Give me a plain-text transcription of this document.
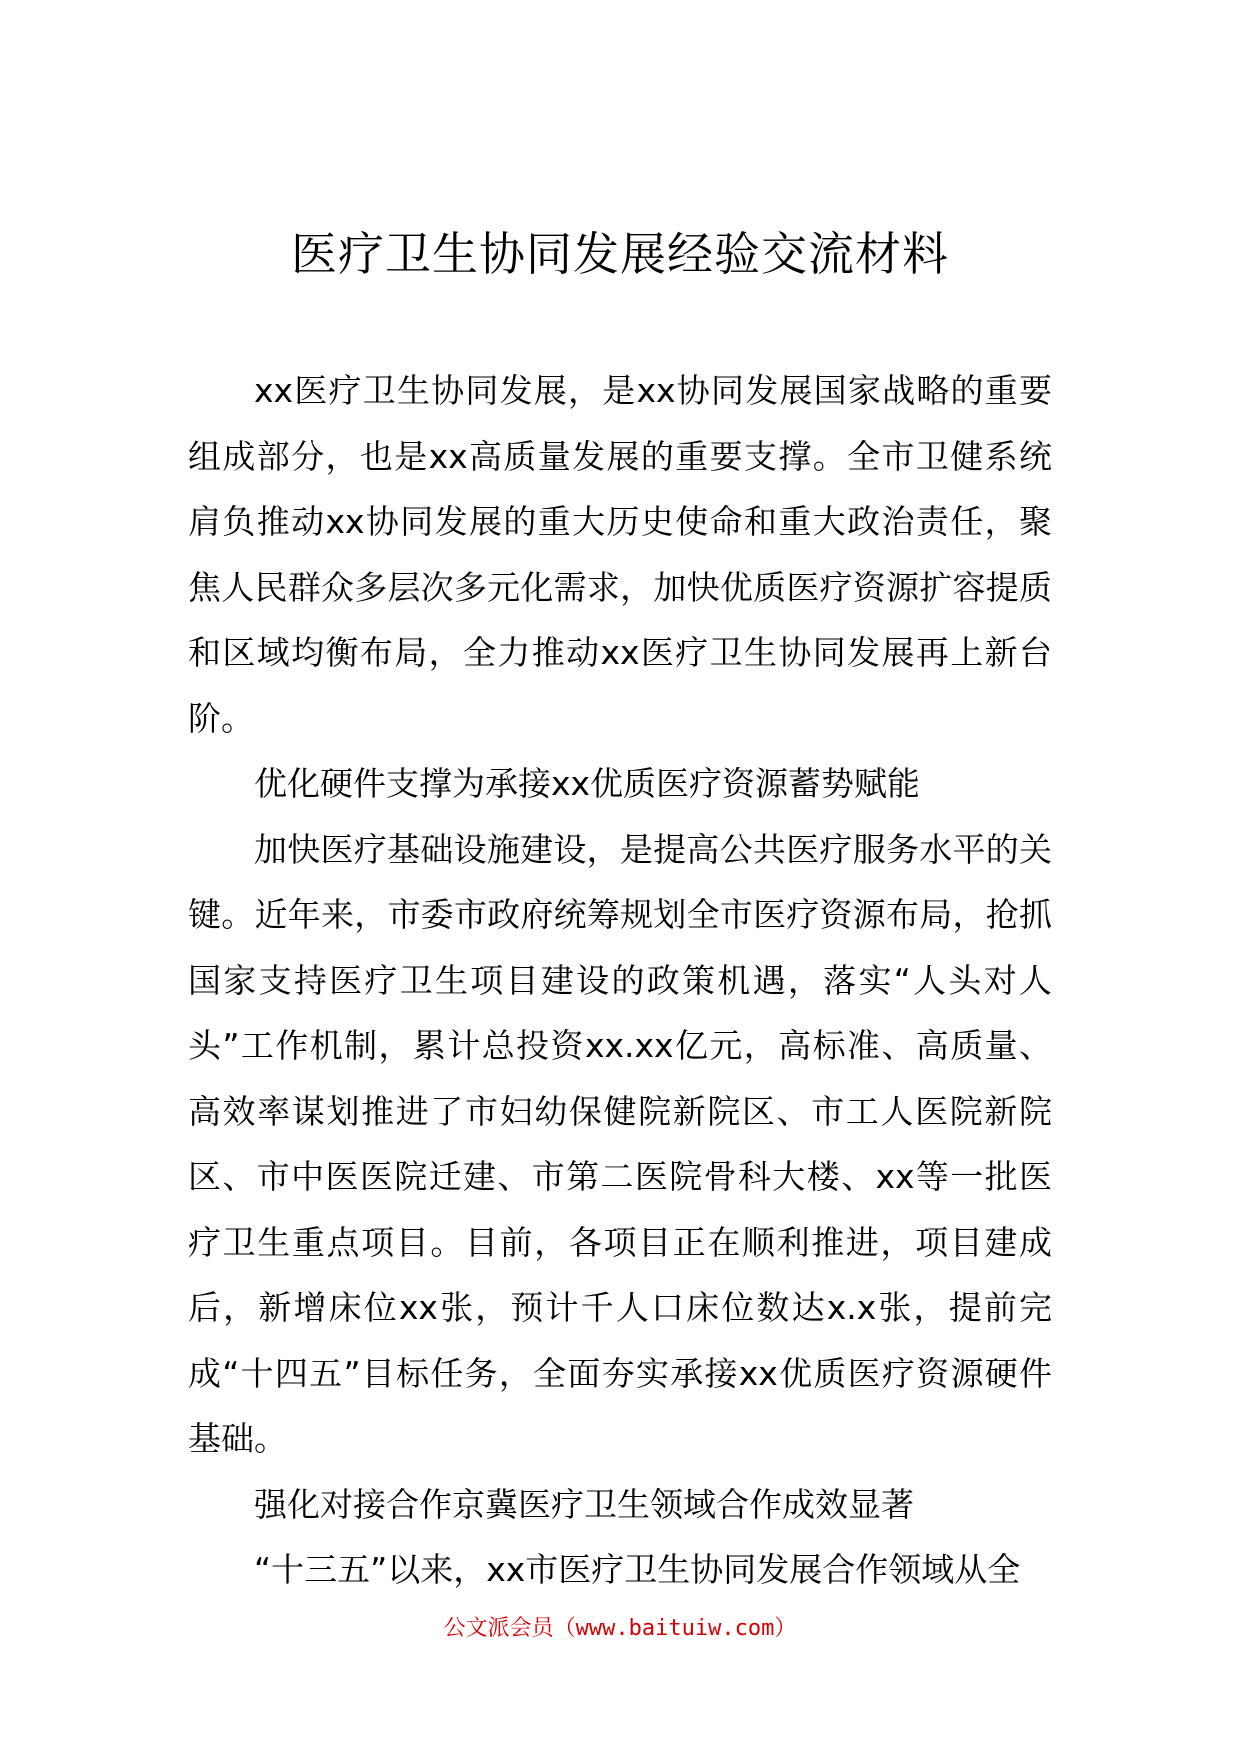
医疗卫生协同发展经验交流材料

xx医疗卫生协同发展，是xx协同发展国家战略的重要组成部分，也是xx高质量发展的重要支撑。全市卫健系统肩负推动xx协同发展的重大历史使命和重大政治责任，聚焦人民群众多层次多元化需求，加快优质医疗资源扩容提质和区域均衡布局，全力推动xx医疗卫生协同发展再上新台阶。

优化硬件支撑为承接xx优质医疗资源蓄势赋能

加快医疗基础设施建设，是提高公共医疗服务水平的关键。近年来，市委市政府统筹规划全市医疗资源布局，抢抓国家支持医疗卫生项目建设的政策机遇，落实“人头对人头”工作机制，累计总投资xx.xx亿元，高标准、高质量、高效率谋划推进了市妇幼保健院新院区、市工人医院新院区、市中医医院迁建、市第二医院骨科大楼、xx等一批医疗卫生重点项目。目前，各项目正在顺利推进，项目建成后，新增床位xx张，预计千人口床位数达x.x张，提前完成“十四五”目标任务，全面夯实承接xx优质医疗资源硬件基础。

强化对接合作京冀医疗卫生领域合作成效显著

“十三五”以来，xx市医疗卫生协同发展合作领域从全

公文派会员（www.baituiw.com）
